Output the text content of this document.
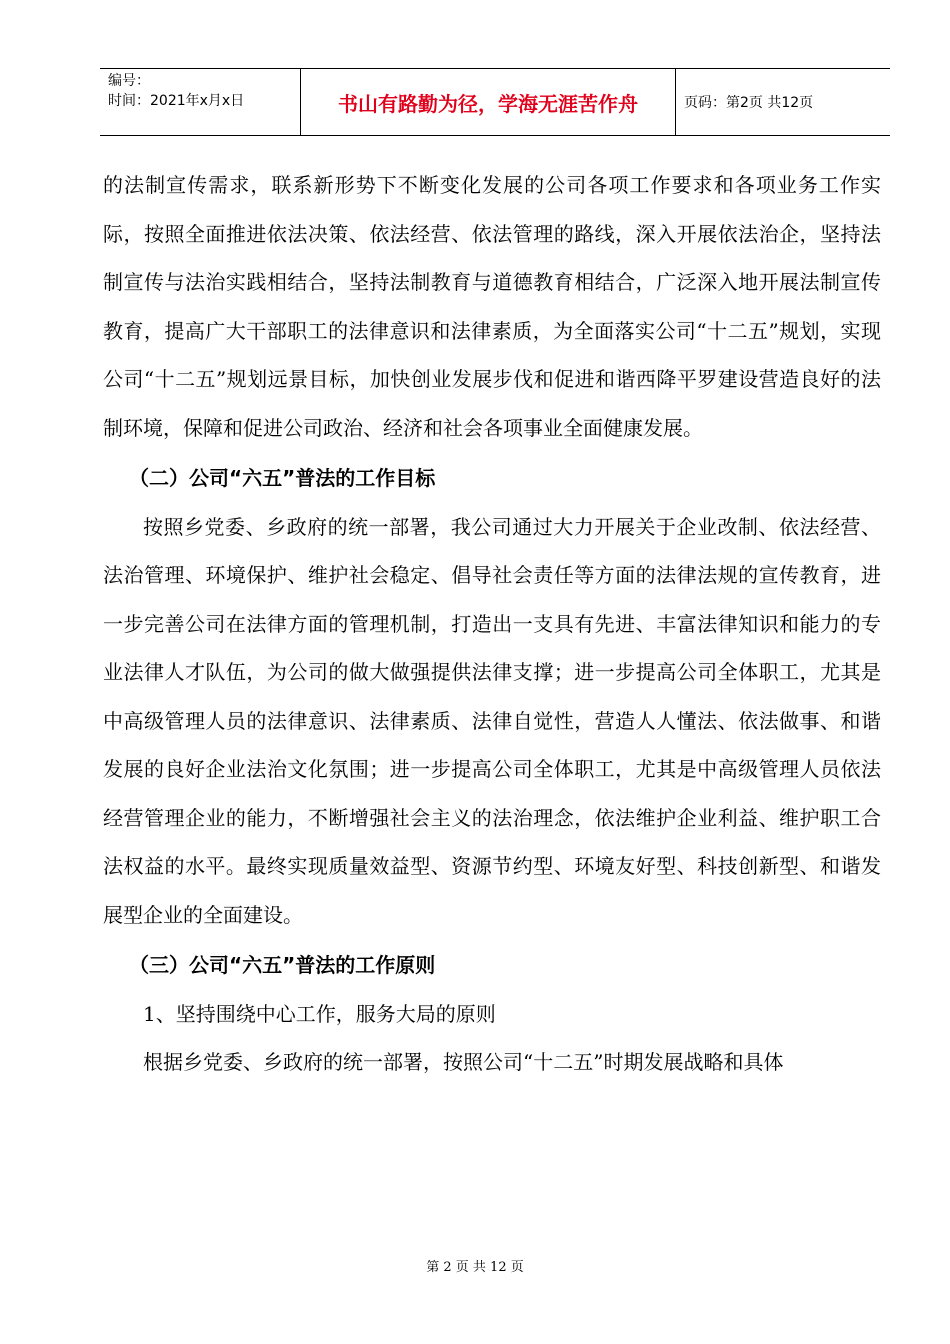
编号：
时间：2021年x月x日	书山有路勤为径，学海无涯苦作舟	页码：第2页 共12页

的法制宣传需求，联系新形势下不断变化发展的公司各项工作要求和各项业务工作实际，按照全面推进依法决策、依法经营、依法管理的路线，深入开展依法治企，坚持法制宣传与法治实践相结合，坚持法制教育与道德教育相结合，广泛深入地开展法制宣传教育，提高广大干部职工的法律意识和法律素质，为全面落实公司“十二五”规划，实现公司“十二五”规划远景目标，加快创业发展步伐和促进和谐西降平罗建设营造良好的法制环境，保障和促进公司政治、经济和社会各项事业全面健康发展。

（二）公司“六五”普法的工作目标

按照乡党委、乡政府的统一部署，我公司通过大力开展关于企业改制、依法经营、法治管理、环境保护、维护社会稳定、倡导社会责任等方面的法律法规的宣传教育，进一步完善公司在法律方面的管理机制，打造出一支具有先进、丰富法律知识和能力的专业法律人才队伍，为公司的做大做强提供法律支撑；进一步提高公司全体职工，尤其是中高级管理人员的法律意识、法律素质、法律自觉性，营造人人懂法、依法做事、和谐发展的良好企业法治文化氛围；进一步提高公司全体职工，尤其是中高级管理人员依法经营管理企业的能力，不断增强社会主义的法治理念，依法维护企业利益、维护职工合法权益的水平。最终实现质量效益型、资源节约型、环境友好型、科技创新型、和谐发展型企业的全面建设。

（三）公司“六五”普法的工作原则

1、坚持围绕中心工作，服务大局的原则

根据乡党委、乡政府的统一部署，按照公司“十二五”时期发展战略和具体

第 2 页 共 12 页
